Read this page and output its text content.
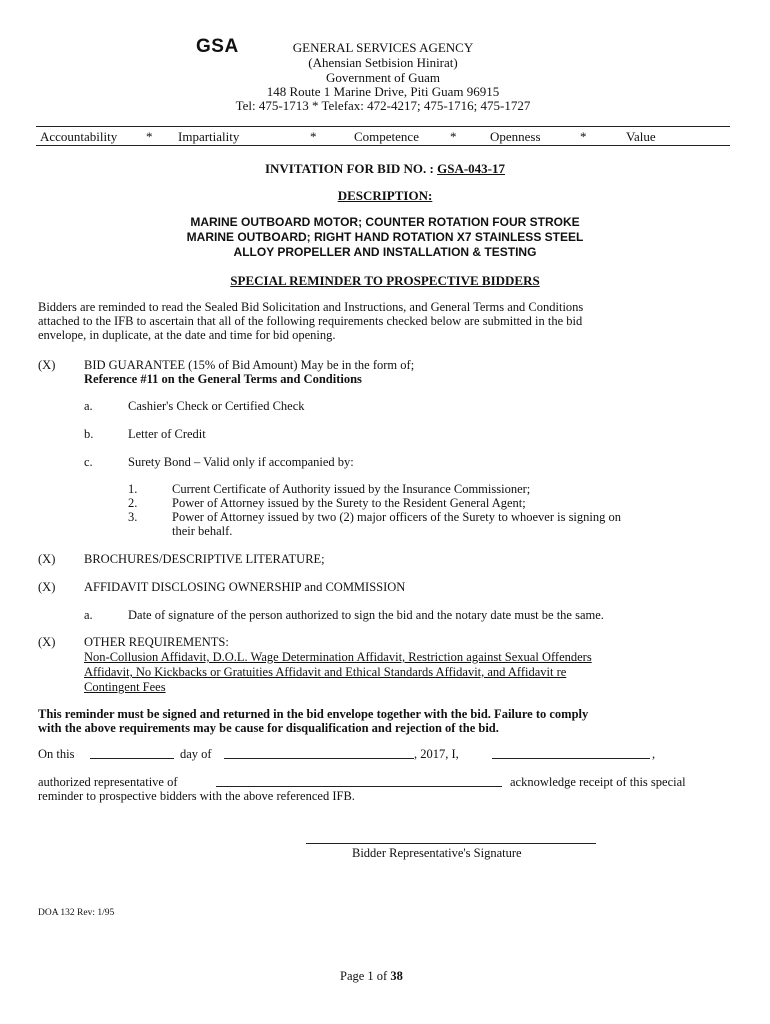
GSA	GENERAL SERVICES AGENCY
(Ahensian Setbision Hinirat)
Government of Guam
148 Route 1 Marine Drive, Piti Guam 96915
Tel: 475-1713 * Telefax: 472-4217; 475-1716; 475-1727
Accountability * Impartiality	*	Competence *	Openness	*	Value
INVITATION FOR BID NO. : GSA-043-17
DESCRIPTION:
MARINE OUTBOARD MOTOR; COUNTER ROTATION FOUR STROKE
MARINE OUTBOARD; RIGHT HAND ROTATION X7 STAINLESS STEEL
ALLOY PROPELLER AND INSTALLATION & TESTING
SPECIAL REMINDER TO PROSPECTIVE BIDDERS
Bidders are reminded to read the Sealed Bid Solicitation and Instructions, and General Terms and Conditions
attached to the IFB to ascertain that all of the following requirements checked below are submitted in the bid
envelope, in duplicate, at the date and time for bid opening.
(X) BID GUARANTEE (15% of Bid Amount) May be in the form of;
Reference #11 on the General Terms and Conditions
a.	Cashier's Check or Certified Check
b.	Letter of Credit
c.	Surety Bond – Valid only if accompanied by:
1.	Current Certificate of Authority issued by the Insurance Commissioner;
2.	Power of Attorney issued by the Surety to the Resident General Agent;
3.	Power of Attorney issued by two (2) major officers of the Surety to whoever is signing on
their behalf.
(X) BROCHURES/DESCRIPTIVE LITERATURE;
(X) AFFIDAVIT DISCLOSING OWNERSHIP and COMMISSION
a.	Date of signature of the person authorized to sign the bid and the notary date must be the same.
(X) OTHER REQUIREMENTS:
Non-Collusion Affidavit, D.O.L. Wage Determination Affidavit, Restriction against Sexual Offenders
Affidavit, No Kickbacks or Gratuities Affidavit and Ethical Standards Affidavit, and Affidavit re
Contingent Fees
This reminder must be signed and returned in the bid envelope together with the bid. Failure to comply
with the above requirements may be cause for disqualification and rejection of the bid.
On this	day of	, 2017, I,	,
authorized representative of	acknowledge receipt of this special
reminder to prospective bidders with the above referenced IFB.
Bidder Representative's Signature
DOA 132 Rev: 1/95
Page 1 of 38
